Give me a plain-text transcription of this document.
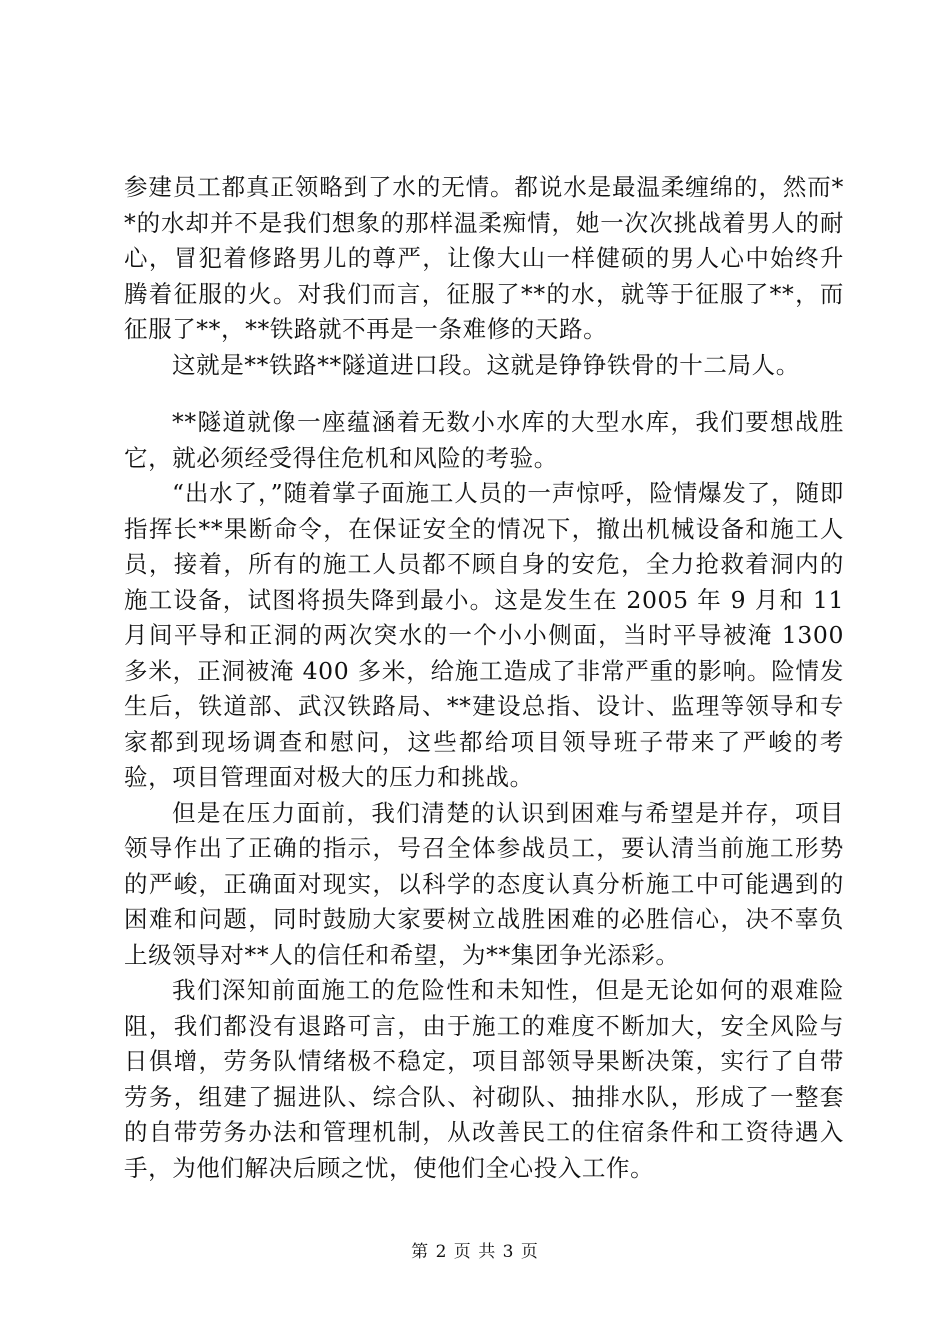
参建员工都真正领略到了水的无情。都说水是最温柔缠绵的，然而**的水却并不是我们想象的那样温柔痴情，她一次次挑战着男人的耐心，冒犯着修路男儿的尊严，让像大山一样健硕的男人心中始终升腾着征服的火。对我们而言，征服了**的水，就等于征服了**，而征服了**，**铁路就不再是一条难修的天路。

这就是**铁路**隧道进口段。这就是铮铮铁骨的十二局人。

**隧道就像一座蕴涵着无数小水库的大型水库，我们要想战胜它，就必须经受得住危机和风险的考验。

“出水了，”随着掌子面施工人员的一声惊呼，险情爆发了，随即指挥长**果断命令，在保证安全的情况下，撤出机械设备和施工人员，接着，所有的施工人员都不顾自身的安危，全力抢救着洞内的施工设备，试图将损失降到最小。这是发生在 2005 年 9 月和 11 月间平导和正洞的两次突水的一个小小侧面，当时平导被淹 1300 多米，正洞被淹 400 多米，给施工造成了非常严重的影响。险情发生后，铁道部、武汉铁路局、**建设总指、设计、监理等领导和专家都到现场调查和慰问，这些都给项目领导班子带来了严峻的考验，项目管理面对极大的压力和挑战。

但是在压力面前，我们清楚的认识到困难与希望是并存，项目领导作出了正确的指示，号召全体参战员工，要认清当前施工形势的严峻，正确面对现实，以科学的态度认真分析施工中可能遇到的困难和问题，同时鼓励大家要树立战胜困难的必胜信心，决不辜负上级领导对**人的信任和希望，为**集团争光添彩。

我们深知前面施工的危险性和未知性，但是无论如何的艰难险阻，我们都没有退路可言，由于施工的难度不断加大，安全风险与日俱增，劳务队情绪极不稳定，项目部领导果断决策，实行了自带劳务，组建了掘进队、综合队、衬砌队、抽排水队，形成了一整套的自带劳务办法和管理机制，从改善民工的住宿条件和工资待遇入手，为他们解决后顾之忧，使他们全心投入工作。

第 2 页 共 3 页
